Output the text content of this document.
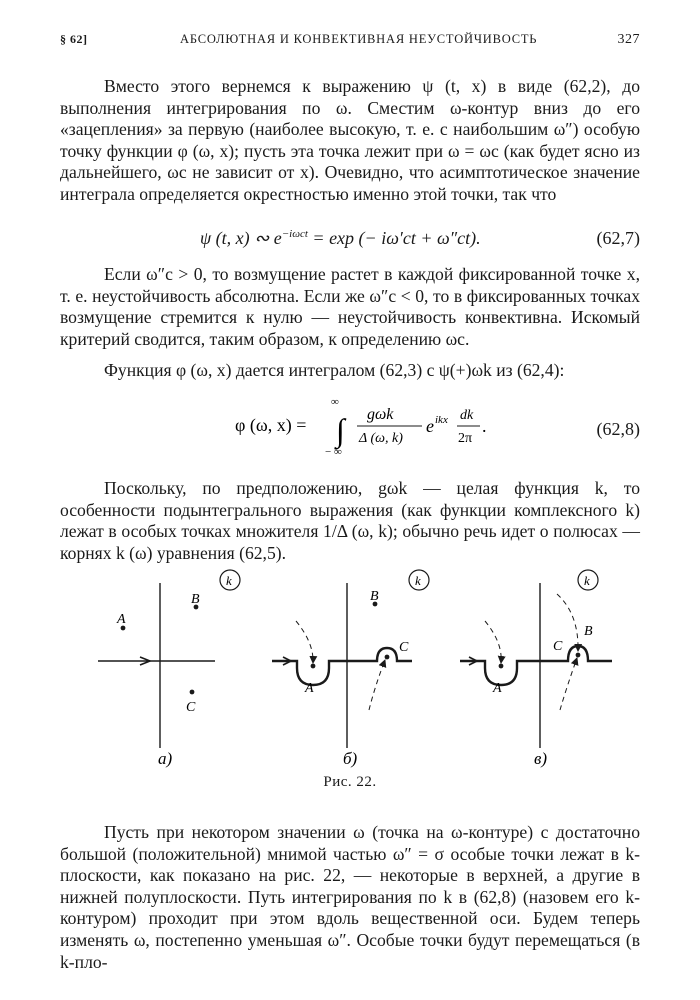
§ 62]	АБСОЛЮТНАЯ И КОНВЕКТИВНАЯ НЕУСТОЙЧИВОСТЬ	327
Вместо этого вернемся к выражению ψ (t, x) в виде (62,2), до выполнения интегрирования по ω. Сместим ω-контур вниз до его «зацепления» за первую (наиболее высокую, т. е. с наибольшим ω″) особую точку функции φ (ω, x); пусть эта точка лежит при ω = ωc (как будет ясно из дальнейшего, ωc не зависит от x). Очевидно, что асимптотическое значение интеграла определяется окрестностью именно этой точки, так что
ψ (t, x) ∾ $e^{-i\omega ct} = \exp$ (− iω′ct + ω″ct).	(62,7)
Если ω″c > 0, то возмущение растет в каждой фиксированной точке x, т. е. неустойчивость абсолютна. Если же ω″c < 0, то в фиксированных точках возмущение стремится к нулю — неустойчивость конвективна. Искомый критерий сводится, таким образом, к определению ωc.
Функция φ (ω, x) дается интегралом (62,3) с ψ(+)ωk из (62,4):
φ (ω, x) =
∞
∫
− ∞
gωk
Δ (ω, k)
e ikx dk
2π
.	(62,8)
Поскольку, по предположению, gωk — целая функция k, то особенности подынтегрального выражения (как функции комплексного k) лежат в особых точках множителя 1/Δ (ω, k); обычно речь идет о полюсах — корнях k (ω) уравнения (62,5).
k
A
B
C
a)
k
A
B
C
б)
k
A
C
B
в)
Рис. 22.
Пусть при некотором значении ω (точка на ω-контуре) с достаточно большой (положительной) мнимой частью ω″ = σ особые точки лежат в k-плоскости, как показано на рис. 22, — некоторые в верхней, а другие в нижней полуплоскости. Путь интегрирования по k в (62,8) (назовем его k-контуром) проходит при этом вдоль вещественной оси. Будем теперь изменять ω, постепенно уменьшая ω″. Особые точки будут перемещаться (в k-пло-
